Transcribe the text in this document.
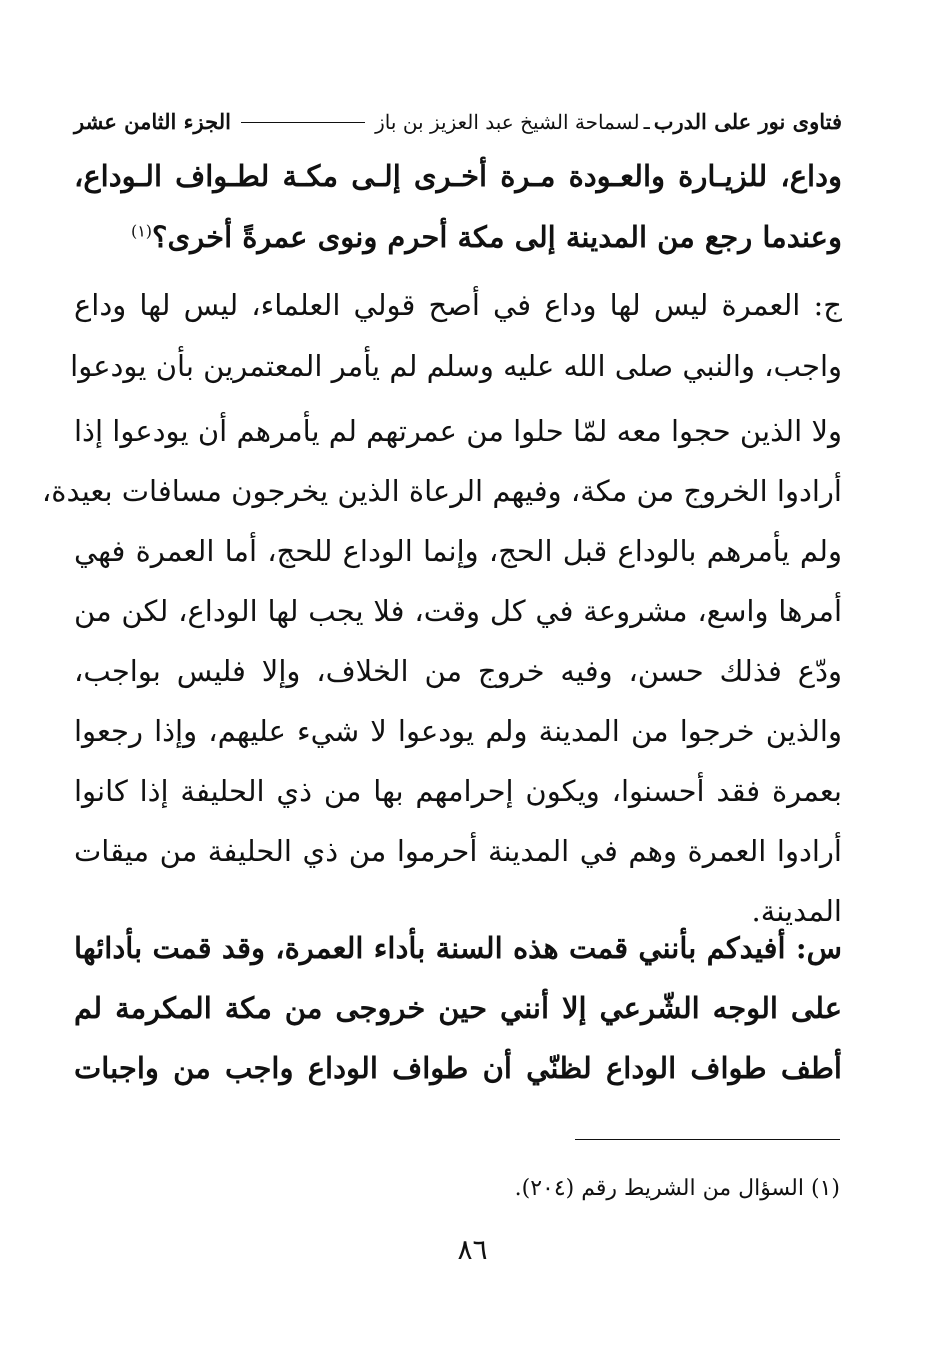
فتاوى نور على الدرب
ـ
لسماحة الشيخ عبد العزيز بن باز
الجزء الثامن عشر
وداع، للزيـارة والعـودة مـرة أخـرى إلـى مكـة لطـواف الـوداع،
وعندما رجع من المدينة إلى مكة أحرم ونوى عمرةً أخرى؟$^{(١)}$
ج: العمرة ليس لها وداع في أصح قولي العلماء، ليس لها وداع
واجب، والنبي صلى الله عليه وسلم لم يأمر المعتمرين بأن يودعوا
ولا الذين حجوا معه لمّا حلوا من عمرتهم لم يأمرهم أن يودعوا إذا
أرادوا الخروج من مكة، وفيهم الرعاة الذين يخرجون مسافات بعيدة،
ولم يأمرهم بالوداع قبل الحج، وإنما الوداع للحج، أما العمرة فهي
أمرها واسع، مشروعة في كل وقت، فلا يجب لها الوداع، لكن من
ودّع فذلك حسن، وفيه خروج من الخلاف، وإلا فليس بواجب،
والذين خرجوا من المدينة ولم يودعوا لا شيء عليهم، وإذا رجعوا
بعمرة فقد أحسنوا، ويكون إحرامهم بها من ذي الحليفة إذا كانوا
أرادوا العمرة وهم في المدينة أحرموا من ذي الحليفة من ميقات
المدينة.
س: أفيدكم بأنني قمت هذه السنة بأداء العمرة، وقد قمت بأدائها
على الوجه الشّرعي إلا أنني حين خروجى من مكة المكرمة لم
أطف طواف الوداع لظنّي أن طواف الوداع واجب من واجبات
(١) السؤال من الشريط رقم (٢٠٤).
٨٦
